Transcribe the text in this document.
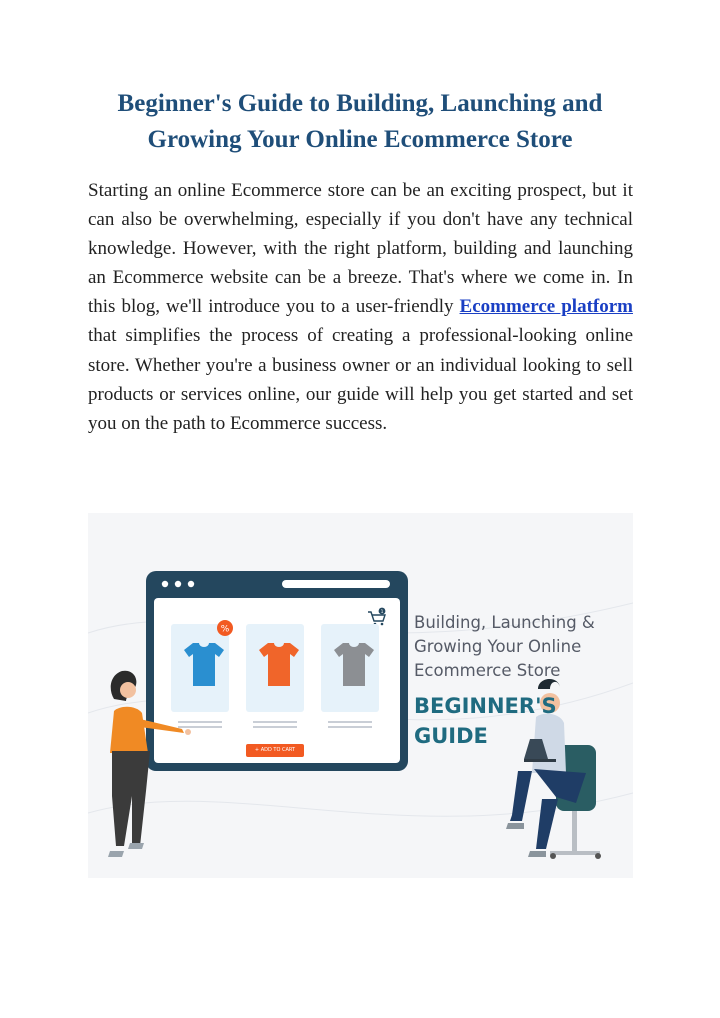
Beginner's Guide to Building, Launching and Growing Your Online Ecommerce Store

Starting an online Ecommerce store can be an exciting prospect, but it can also be overwhelming, especially if you don't have any technical knowledge. However, with the right platform, building and launching an Ecommerce website can be a breeze. That's where we come in. In this blog, we'll introduce you to a user-friendly Ecommerce platform that simplifies the process of creating a professional-looking online store. Whether you're a business owner or an individual looking to sell products or services online, our guide will help you get started and set you on the path to Ecommerce success.

1
%
+ ADD TO CART
Building, Launching &
Growing Your Online
Ecommerce Store
BEGINNER'S
GUIDE
